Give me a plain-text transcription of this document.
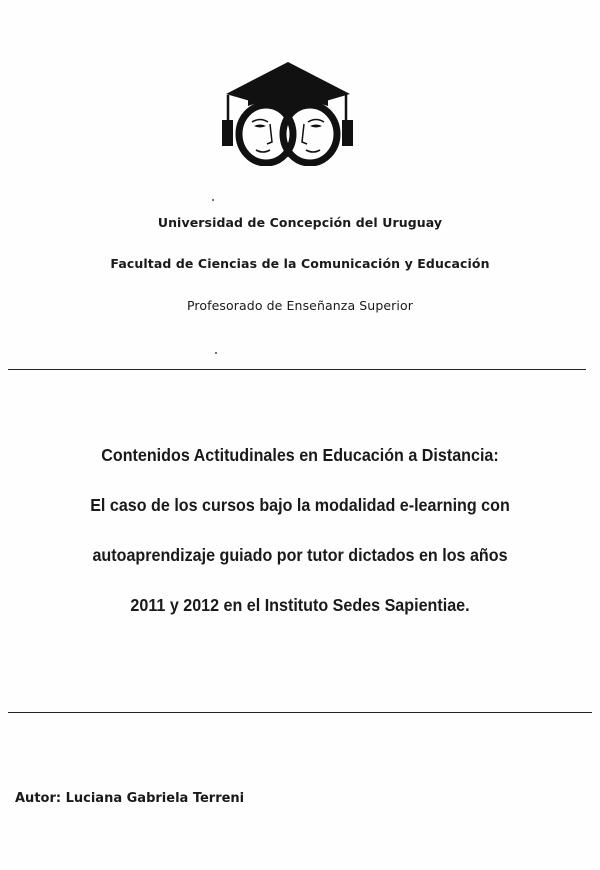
Universidad de Concepción del Uruguay
Facultad de Ciencias de la Comunicación y Educación
Profesorado de Enseñanza Superior
Contenidos Actitudinales en Educación a Distancia:
El caso de los cursos bajo la modalidad e-learning con
autoaprendizaje guiado por tutor dictados en los años
2011 y 2012 en el Instituto Sedes Sapientiae.
Autor: Luciana Gabriela Terreni
